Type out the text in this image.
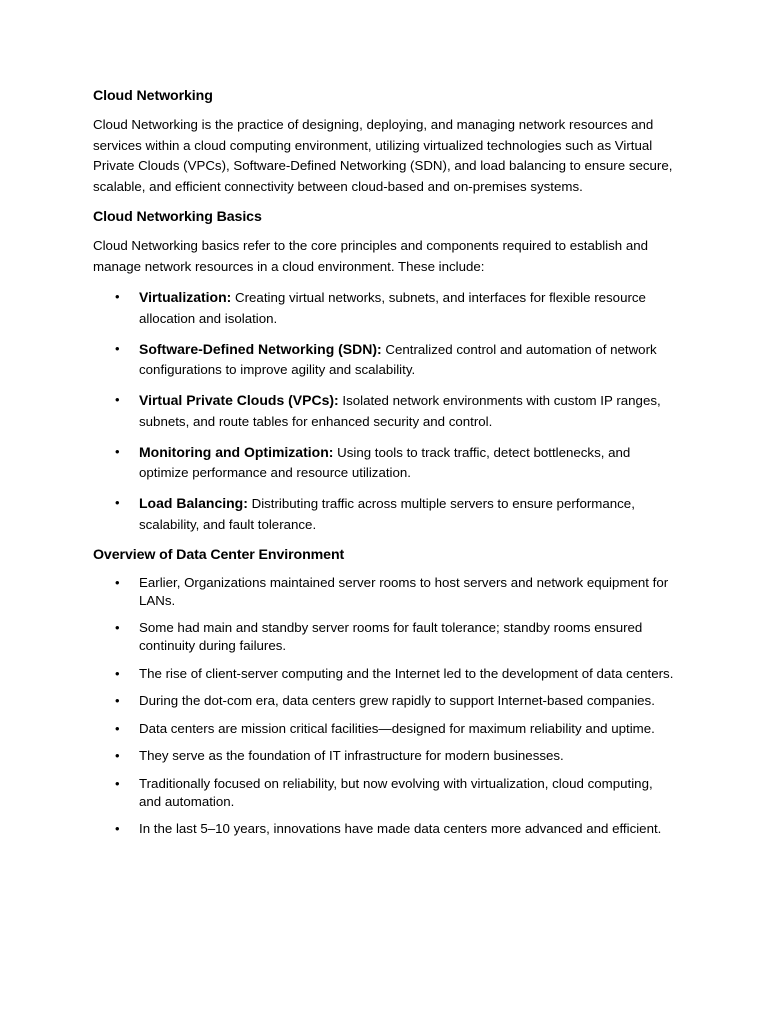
Cloud Networking

Cloud Networking is the practice of designing, deploying, and managing network resources and services within a cloud computing environment, utilizing virtualized technologies such as Virtual Private Clouds (VPCs), Software-Defined Networking (SDN), and load balancing to ensure secure, scalable, and efficient connectivity between cloud-based and on-premises systems.

Cloud Networking Basics

Cloud Networking basics refer to the core principles and components required to establish and manage network resources in a cloud environment. These include:

• Virtualization: Creating virtual networks, subnets, and interfaces for flexible resource allocation and isolation.
• Software-Defined Networking (SDN): Centralized control and automation of network configurations to improve agility and scalability.
• Virtual Private Clouds (VPCs): Isolated network environments with custom IP ranges, subnets, and route tables for enhanced security and control.
• Monitoring and Optimization: Using tools to track traffic, detect bottlenecks, and optimize performance and resource utilization.
• Load Balancing: Distributing traffic across multiple servers to ensure performance, scalability, and fault tolerance.
Overview of Data Center Environment
• Earlier, Organizations maintained server rooms to host servers and network equipment for LANs.
• Some had main and standby server rooms for fault tolerance; standby rooms ensured continuity during failures.
• The rise of client-server computing and the Internet led to the development of data centers.
• During the dot-com era, data centers grew rapidly to support Internet-based companies.
• Data centers are mission critical facilities—designed for maximum reliability and uptime.
• They serve as the foundation of IT infrastructure for modern businesses.
• Traditionally focused on reliability, but now evolving with virtualization, cloud computing, and automation.
• In the last 5–10 years, innovations have made data centers more advanced and efficient.
